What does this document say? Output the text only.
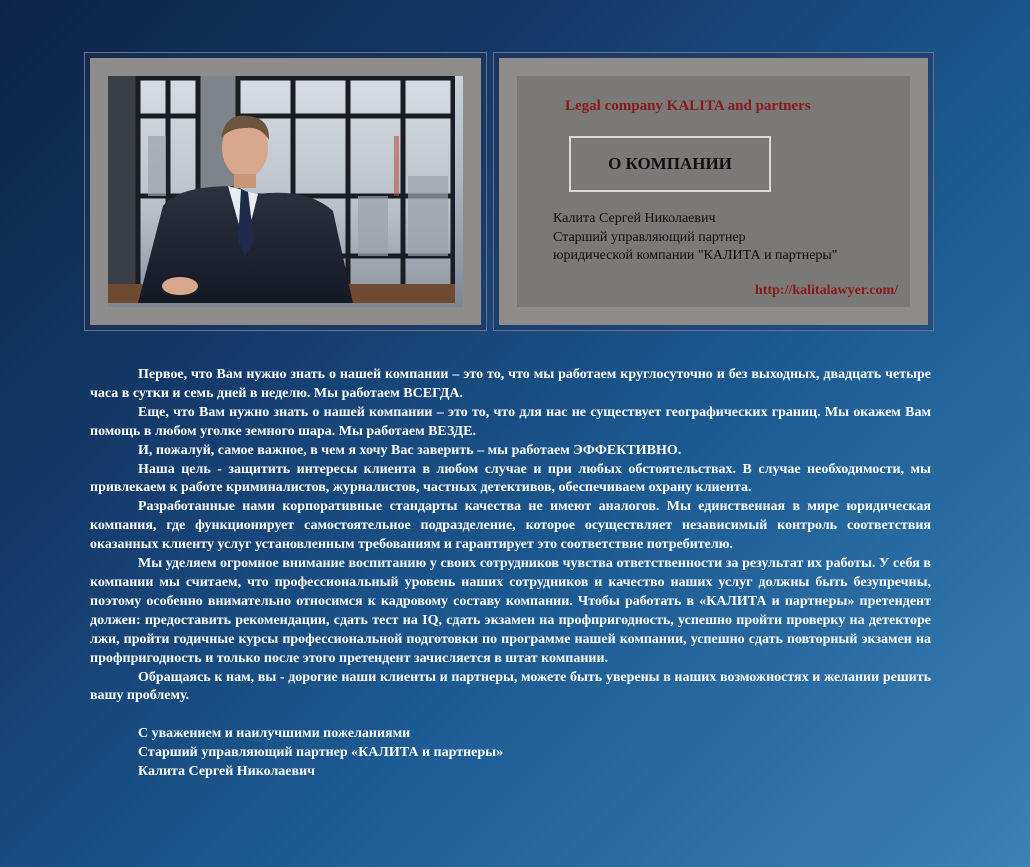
Legal company KALITA and partners
О КОМПАНИИ
Калита Сергей Николаевич
Старший управляющий партнер
юридической компании "КАЛИТА и партнеры"
http://kalitalawyer.com/

Первое, что Вам нужно знать о нашей компании – это то, что мы работаем круглосуточно и без выходных, двадцать четыре часа в сутки и семь дней в неделю. Мы работаем ВСЕГДА.

Еще, что Вам нужно знать о нашей компании – это то, что для нас не существует географических границ. Мы окажем Вам помощь в любом уголке земного шара. Мы работаем ВЕЗДЕ.

И, пожалуй, самое важное, в чем я хочу Вас заверить – мы работаем ЭФФЕКТИВНО.

Наша цель - защитить интересы клиента в любом случае и при любых обстоятельствах. В случае необходимости, мы привлекаем к работе криминалистов, журналистов, частных детективов, обеспечиваем охрану клиента.

Разработанные нами корпоративные стандарты качества не имеют аналогов. Мы единственная в мире юридическая компания, где функционирует самостоятельное подразделение, которое осуществляет независимый контроль соответствия оказанных клиенту услуг установленным требованиям и гарантирует это соответствие потребителю.

Мы уделяем огромное внимание воспитанию у своих сотрудников чувства ответственности за результат их работы. У себя в компании мы считаем, что профессиональный уровень наших сотрудников и качество наших услуг должны быть безупречны, поэтому особенно внимательно относимся к кадровому составу компании. Чтобы работать в «КАЛИТА и партнеры» претендент должен: предоставить рекомендации, сдать тест на IQ, сдать экзамен на профпригодность, успешно пройти проверку на детекторе лжи, пройти годичные курсы профессиональной подготовки по программе нашей компании, успешно сдать повторный экзамен на профпригодность и только после этого претендент зачисляется в штат компании.

Обращаясь к нам, вы - дорогие наши клиенты и партнеры, можете быть уверены в наших возможностях и желании решить вашу проблему.

С уважением и наилучшими пожеланиями
Старший управляющий партнер «КАЛИТА и партнеры»
Калита Сергей Николаевич
